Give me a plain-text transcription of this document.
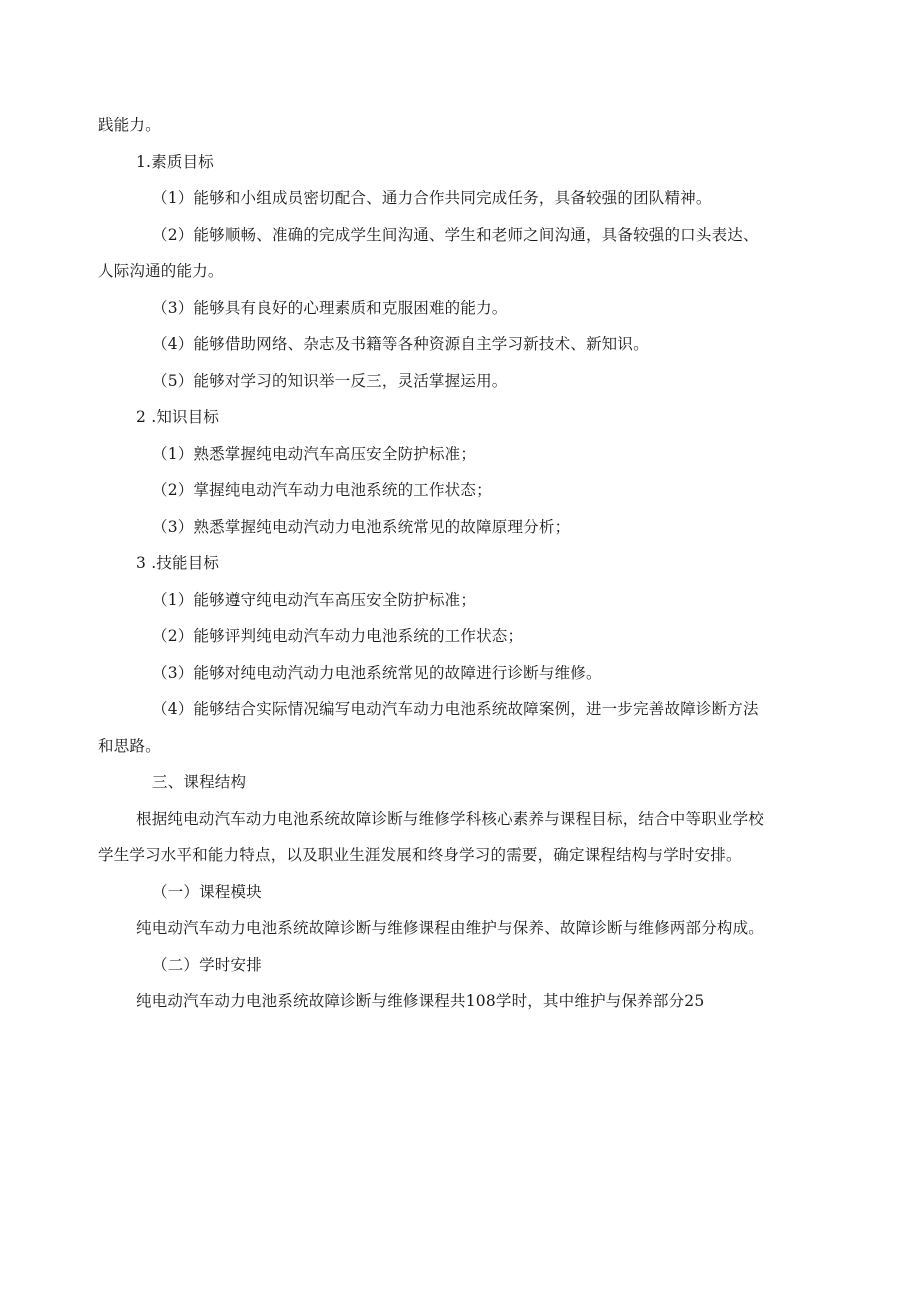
践能力。
1.素质目标
（1）能够和小组成员密切配合、通力合作共同完成任务，具备较强的团队精神。
（2）能够顺畅、准确的完成学生间沟通、学生和老师之间沟通，具备较强的口头表达、
人际沟通的能力。
（3）能够具有良好的心理素质和克服困难的能力。
（4）能够借助网络、杂志及书籍等各种资源自主学习新技术、新知识。
（5）能够对学习的知识举一反三，灵活掌握运用。
2 .知识目标
（1）熟悉掌握纯电动汽车高压安全防护标准；
（2）掌握纯电动汽车动力电池系统的工作状态；
（3）熟悉掌握纯电动汽动力电池系统常见的故障原理分析；
3 .技能目标
（1）能够遵守纯电动汽车高压安全防护标准；
（2）能够评判纯电动汽车动力电池系统的工作状态；
（3）能够对纯电动汽动力电池系统常见的故障进行诊断与维修。
（4）能够结合实际情况编写电动汽车动力电池系统故障案例，进一步完善故障诊断方法
和思路。
三、课程结构
根据纯电动汽车动力电池系统故障诊断与维修学科核心素养与课程目标，结合中等职业学校
学生学习水平和能力特点，以及职业生涯发展和终身学习的需要，确定课程结构与学时安排。
（一）课程模块
纯电动汽车动力电池系统故障诊断与维修课程由维护与保养、故障诊断与维修两部分构成。
（二）学时安排
纯电动汽车动力电池系统故障诊断与维修课程共108学时，其中维护与保养部分25
